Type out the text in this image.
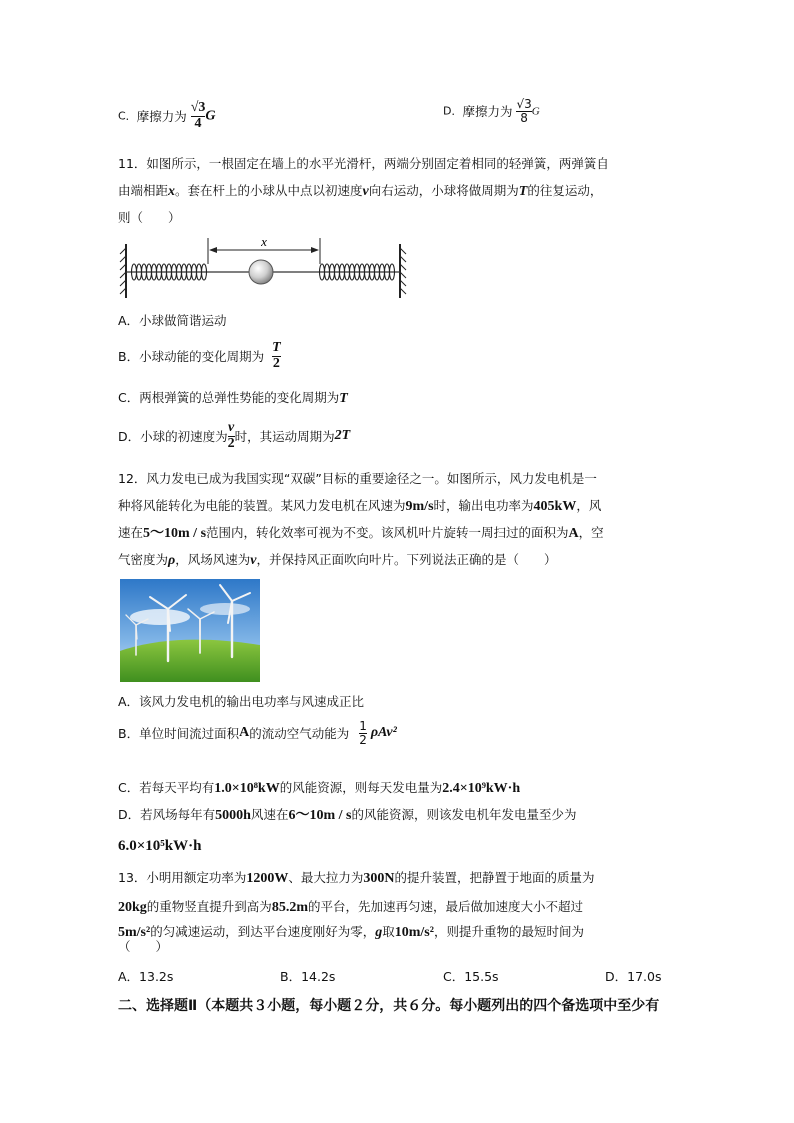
C．摩擦力为 $\frac{√3}{4}$ G	D．摩擦力为 $\frac{√3}{8}$ G
11．如图所示，一根固定在墙上的水平光滑杆，两端分别固定着相同的轻弹簧，两弹簧自
由端相距x。套在杆上的小球从中点以初速度v向右运动，小球将做周期为T的往复运动，
则（　　）
x
A．小球做简谐运动
B．小球动能的变化周期为 $\frac{T}{2}$
C．两根弹簧的总弹性势能的变化周期为T
D．小球的初速度为 $\frac{v}{2}$ 时，其运动周期为2T
12．风力发电已成为我国实现“双碳”目标的重要途径之一。如图所示，风力发电机是一
种将风能转化为电能的装置。某风力发电机在风速为9m/s时，输出电功率为405kW，风
速在5～10m / s范围内，转化效率可视为不变。该风机叶片旋转一周扫过的面积为A，空
气密度为ρ，风场风速为v，并保持风正面吹向叶片。下列说法正确的是（　　）
A．该风力发电机的输出电功率与风速成正比
B．单位时间流过面积A的流动空气动能为 $\frac{1}{2} \rho Av^2$
C．若每天平均有1.0×10⁸kW的风能资源，则每天发电量为2.4×10⁹kW·h
D．若风场每年有5000h风速在6～10m / s的风能资源，则该发电机年发电量至少为
6.0×10⁵kW·h
13．小明用额定功率为1200W、最大拉力为300N的提升装置，把静置于地面的质量为
20kg的重物竖直提升到高为85.2m的平台，先加速再匀速，最后做加速度大小不超过
5m/s²的匀减速运动，到达平台速度刚好为零，g取10m/s²，则提升重物的最短时间为
（　　）
A．13.2s	B．14.2s	C．15.5s	D．17.0s
二、选择题Ⅱ（本题共３小题，每小题２分，共６分。每小题列出的四个备选项中至少有
